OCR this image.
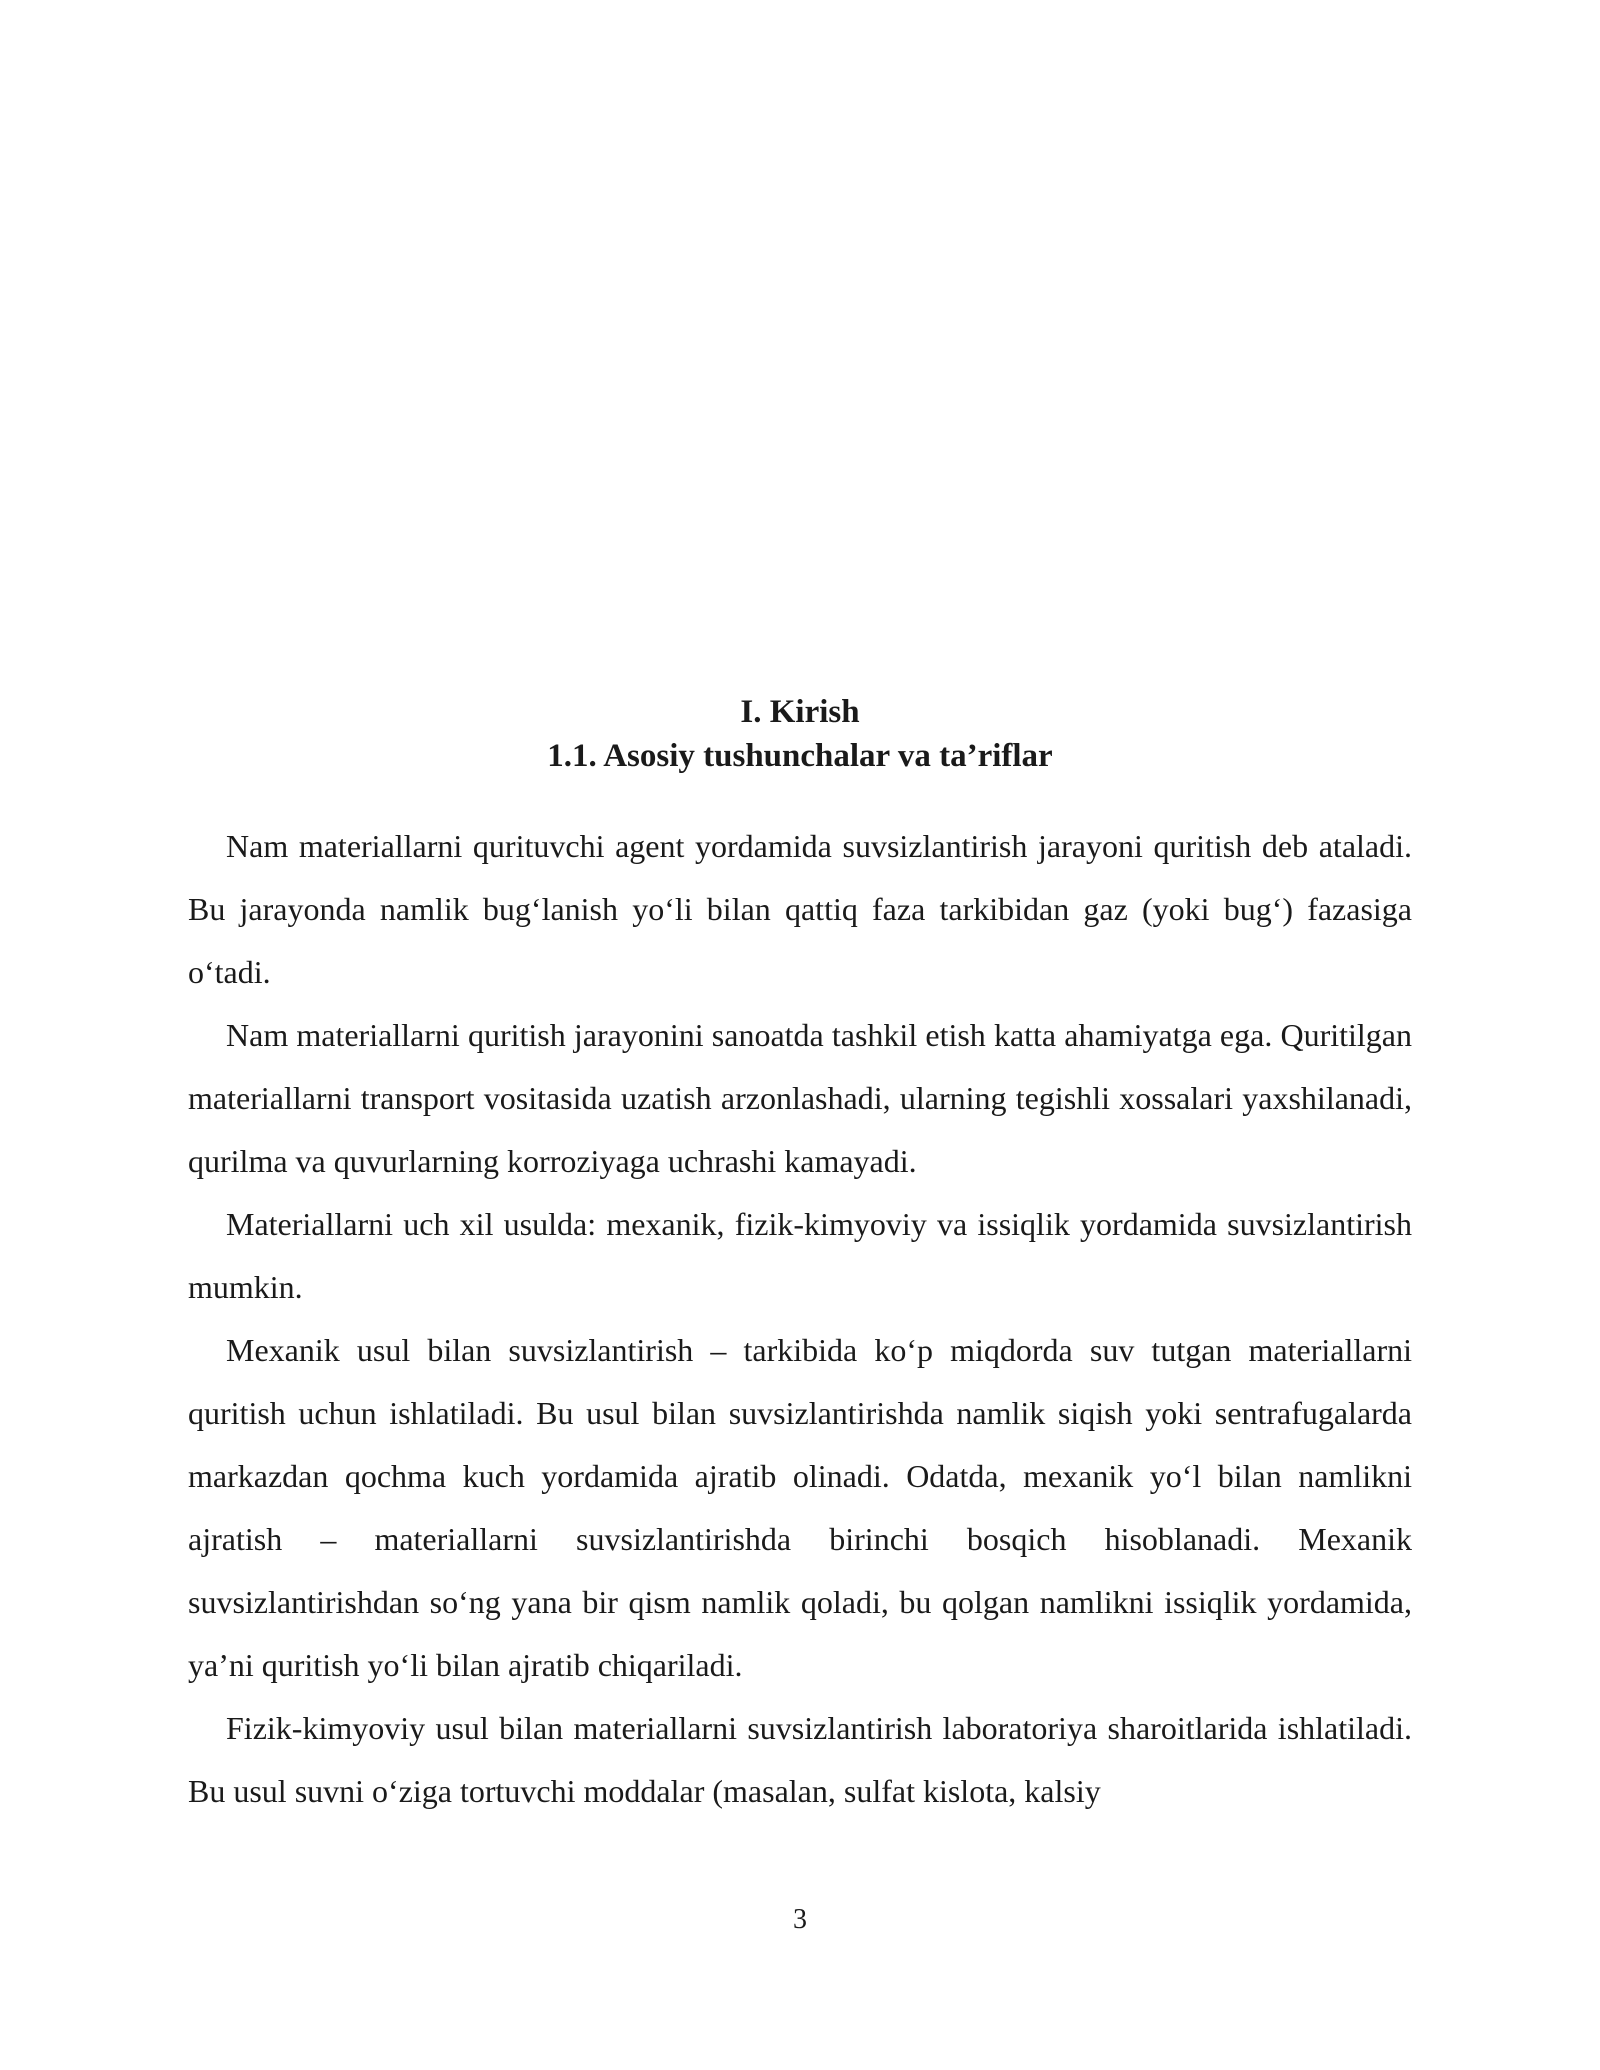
I. Kirish
1.1. Asosiy tushunchalar va ta’riflar

Nam materiallarni qurituvchi agent yordamida suvsizlantirish jarayoni quritish deb ataladi. Bu jarayonda namlik bug‘lanish yo‘li bilan qattiq faza tarkibidan gaz (yoki bug‘) fazasiga o‘tadi.

Nam materiallarni quritish jarayonini sanoatda tashkil etish katta ahamiyatga ega. Quritilgan materiallarni transport vositasida uzatish arzonlashadi, ularning tegishli xossalari yaxshilanadi, qurilma va quvurlarning korroziyaga uchrashi kamayadi.

Materiallarni uch xil usulda: mexanik, fizik-kimyoviy va issiqlik yordamida suvsizlantirish mumkin.

Mexanik usul bilan suvsizlantirish – tarkibida ko‘p miqdorda suv tutgan materiallarni quritish uchun ishlatiladi. Bu usul bilan suvsizlantirishda namlik siqish yoki sentrafugalarda markazdan qochma kuch yordamida ajratib olinadi. Odatda, mexanik yo‘l bilan namlikni ajratish – materiallarni suvsizlantirishda birinchi bosqich hisoblanadi. Mexanik suvsizlantirishdan so‘ng yana bir qism namlik qoladi, bu qolgan namlikni issiqlik yordamida, ya’ni quritish yo‘li bilan ajratib chiqariladi.

Fizik-kimyoviy usul bilan materiallarni suvsizlantirish laboratoriya sharoitlarida ishlatiladi. Bu usul suvni o‘ziga tortuvchi moddalar (masalan, sulfat kislota, kalsiy

3
